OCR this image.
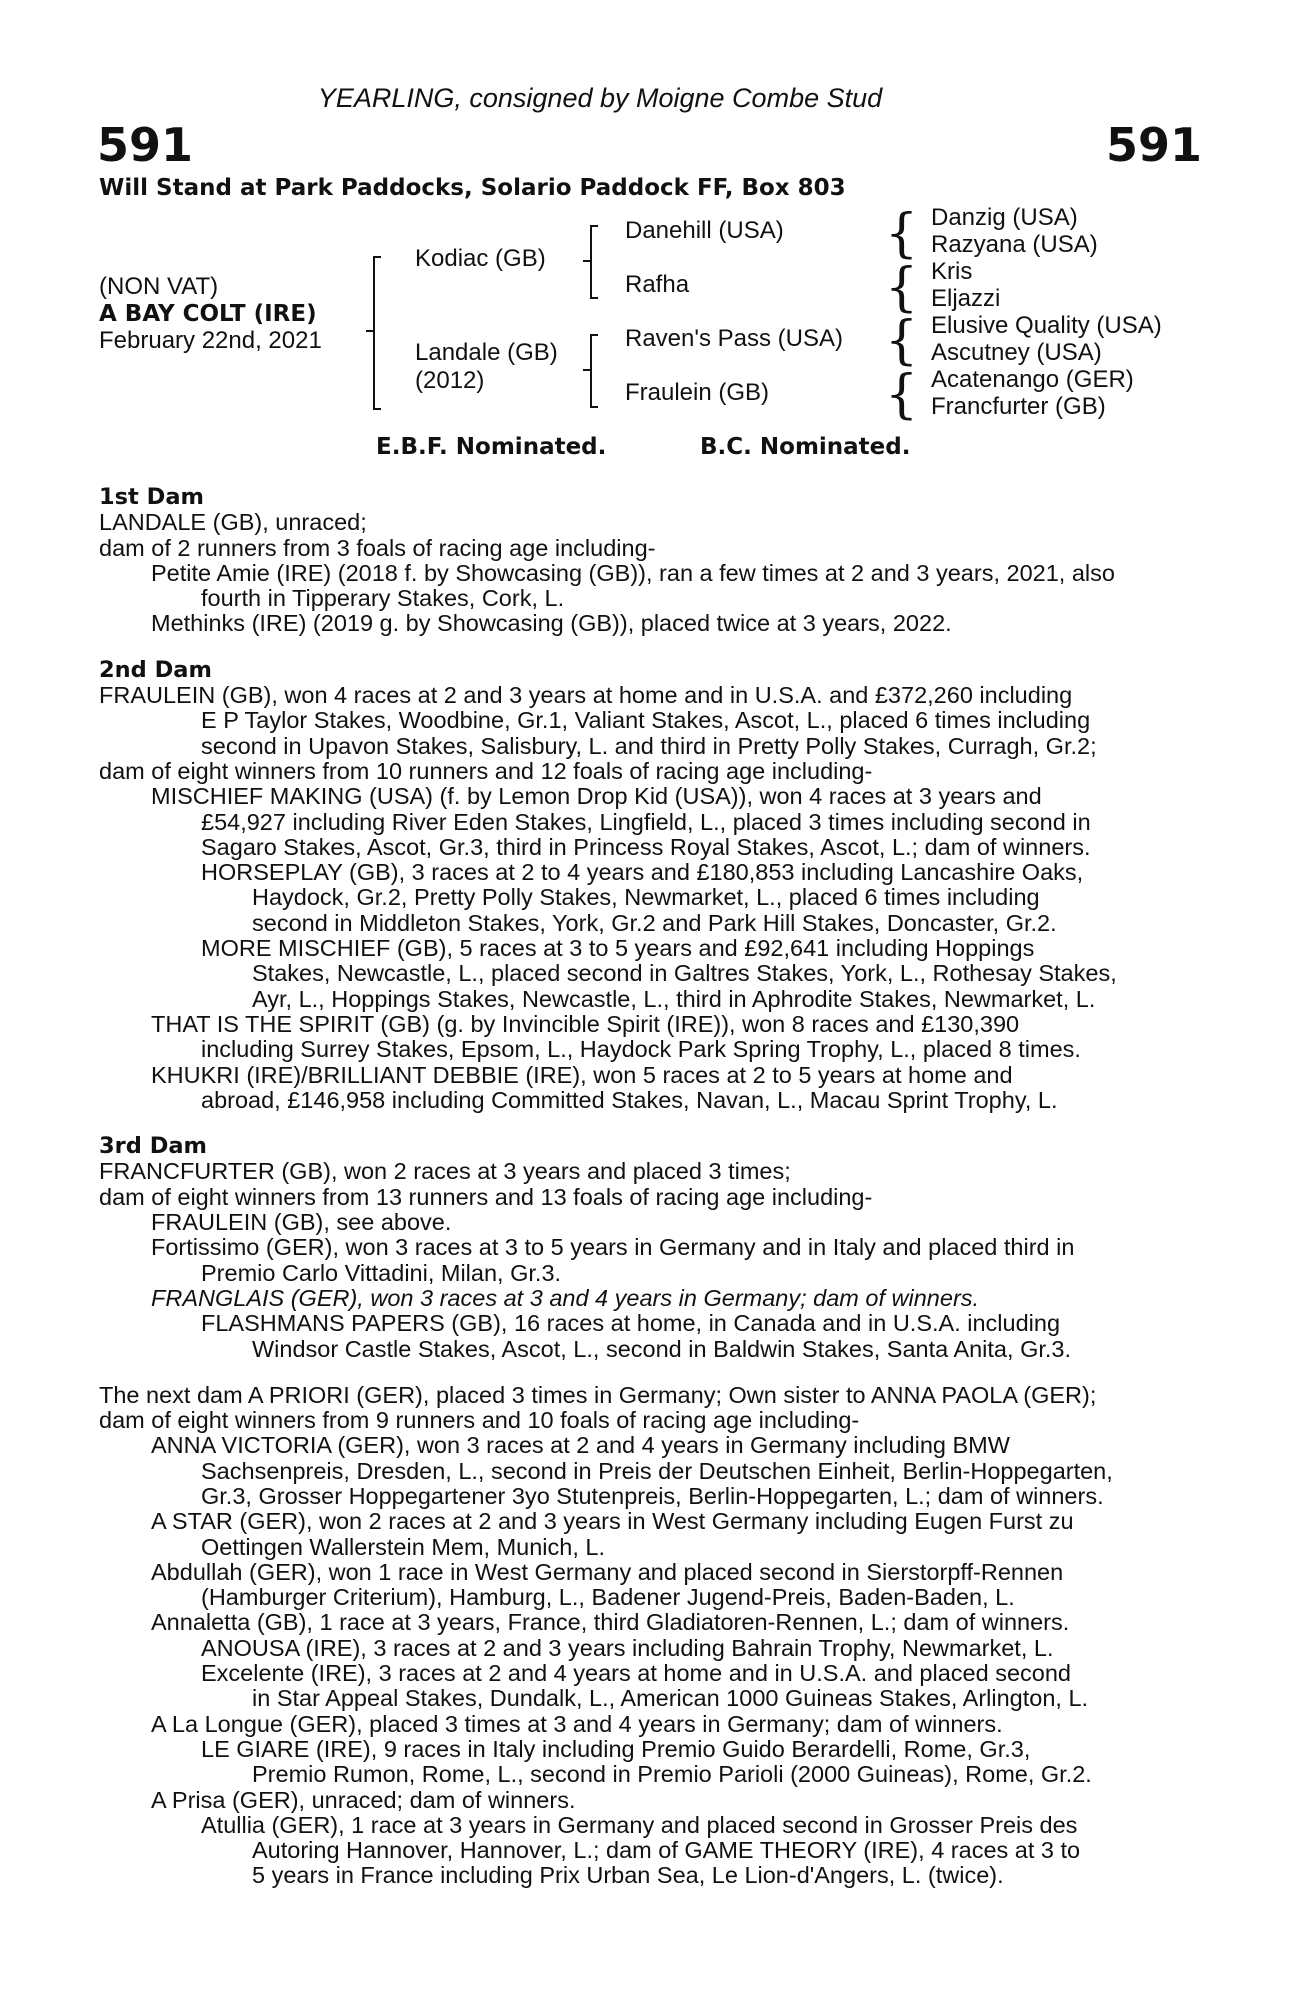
YEARLING, consigned by Moigne Combe Stud
591	591
Will Stand at Park Paddocks, Solario Paddock FF, Box 803
(NON VAT)
A BAY COLT (IRE)
February 22nd, 2021
{
{
{
{
Kodiac (GB)
Landale (GB)
(2012)
Danehill (USA)
Rafha
Raven's Pass (USA)
Fraulein (GB)
Danzig (USA)
Razyana (USA)
Kris
Eljazzi
Elusive Quality (USA)
Ascutney (USA)
Acatenango (GER)
Francfurter (GB)
E.B.F. Nominated.	B.C. Nominated.

1st Dam

LANDALE (GB), unraced;

dam of 2 runners from 3 foals of racing age including-

Petite Amie (IRE) (2018 f. by Showcasing (GB)), ran a few times at 2 and 3 years, 2021, also

fourth in Tipperary Stakes, Cork, L.

Methinks (IRE) (2019 g. by Showcasing (GB)), placed twice at 3 years, 2022.

2nd Dam

FRAULEIN (GB), won 4 races at 2 and 3 years at home and in U.S.A. and £372,260 including

E P Taylor Stakes, Woodbine, Gr.1, Valiant Stakes, Ascot, L., placed 6 times including

second in Upavon Stakes, Salisbury, L. and third in Pretty Polly Stakes, Curragh, Gr.2;

dam of eight winners from 10 runners and 12 foals of racing age including-

MISCHIEF MAKING (USA) (f. by Lemon Drop Kid (USA)), won 4 races at 3 years and

£54,927 including River Eden Stakes, Lingfield, L., placed 3 times including second in

Sagaro Stakes, Ascot, Gr.3, third in Princess Royal Stakes, Ascot, L.; dam of winners.

HORSEPLAY (GB), 3 races at 2 to 4 years and £180,853 including Lancashire Oaks,

Haydock, Gr.2, Pretty Polly Stakes, Newmarket, L., placed 6 times including

second in Middleton Stakes, York, Gr.2 and Park Hill Stakes, Doncaster, Gr.2.

MORE MISCHIEF (GB), 5 races at 3 to 5 years and £92,641 including Hoppings

Stakes, Newcastle, L., placed second in Galtres Stakes, York, L., Rothesay Stakes,

Ayr, L., Hoppings Stakes, Newcastle, L., third in Aphrodite Stakes, Newmarket, L.

THAT IS THE SPIRIT (GB) (g. by Invincible Spirit (IRE)), won 8 races and £130,390

including Surrey Stakes, Epsom, L., Haydock Park Spring Trophy, L., placed 8 times.

KHUKRI (IRE)/BRILLIANT DEBBIE (IRE), won 5 races at 2 to 5 years at home and

abroad, £146,958 including Committed Stakes, Navan, L., Macau Sprint Trophy, L.

3rd Dam

FRANCFURTER (GB), won 2 races at 3 years and placed 3 times;

dam of eight winners from 13 runners and 13 foals of racing age including-

FRAULEIN (GB), see above.

Fortissimo (GER), won 3 races at 3 to 5 years in Germany and in Italy and placed third in

Premio Carlo Vittadini, Milan, Gr.3.

FRANGLAIS (GER), won 3 races at 3 and 4 years in Germany; dam of winners.

FLASHMANS PAPERS (GB), 16 races at home, in Canada and in U.S.A. including

Windsor Castle Stakes, Ascot, L., second in Baldwin Stakes, Santa Anita, Gr.3.

The next dam A PRIORI (GER), placed 3 times in Germany; Own sister to ANNA PAOLA (GER);

dam of eight winners from 9 runners and 10 foals of racing age including-

ANNA VICTORIA (GER), won 3 races at 2 and 4 years in Germany including BMW

Sachsenpreis, Dresden, L., second in Preis der Deutschen Einheit, Berlin-Hoppegarten,

Gr.3, Grosser Hoppegartener 3yo Stutenpreis, Berlin-Hoppegarten, L.; dam of winners.

A STAR (GER), won 2 races at 2 and 3 years in West Germany including Eugen Furst zu

Oettingen Wallerstein Mem, Munich, L.

Abdullah (GER), won 1 race in West Germany and placed second in Sierstorpff-Rennen

(Hamburger Criterium), Hamburg, L., Badener Jugend-Preis, Baden-Baden, L.

Annaletta (GB), 1 race at 3 years, France, third Gladiatoren-Rennen, L.; dam of winners.

ANOUSA (IRE), 3 races at 2 and 3 years including Bahrain Trophy, Newmarket, L.

Excelente (IRE), 3 races at 2 and 4 years at home and in U.S.A. and placed second

in Star Appeal Stakes, Dundalk, L., American 1000 Guineas Stakes, Arlington, L.

A La Longue (GER), placed 3 times at 3 and 4 years in Germany; dam of winners.

LE GIARE (IRE), 9 races in Italy including Premio Guido Berardelli, Rome, Gr.3,

Premio Rumon, Rome, L., second in Premio Parioli (2000 Guineas), Rome, Gr.2.

A Prisa (GER), unraced; dam of winners.

Atullia (GER), 1 race at 3 years in Germany and placed second in Grosser Preis des

Autoring Hannover, Hannover, L.; dam of GAME THEORY (IRE), 4 races at 3 to

5 years in France including Prix Urban Sea, Le Lion-d'Angers, L. (twice).
